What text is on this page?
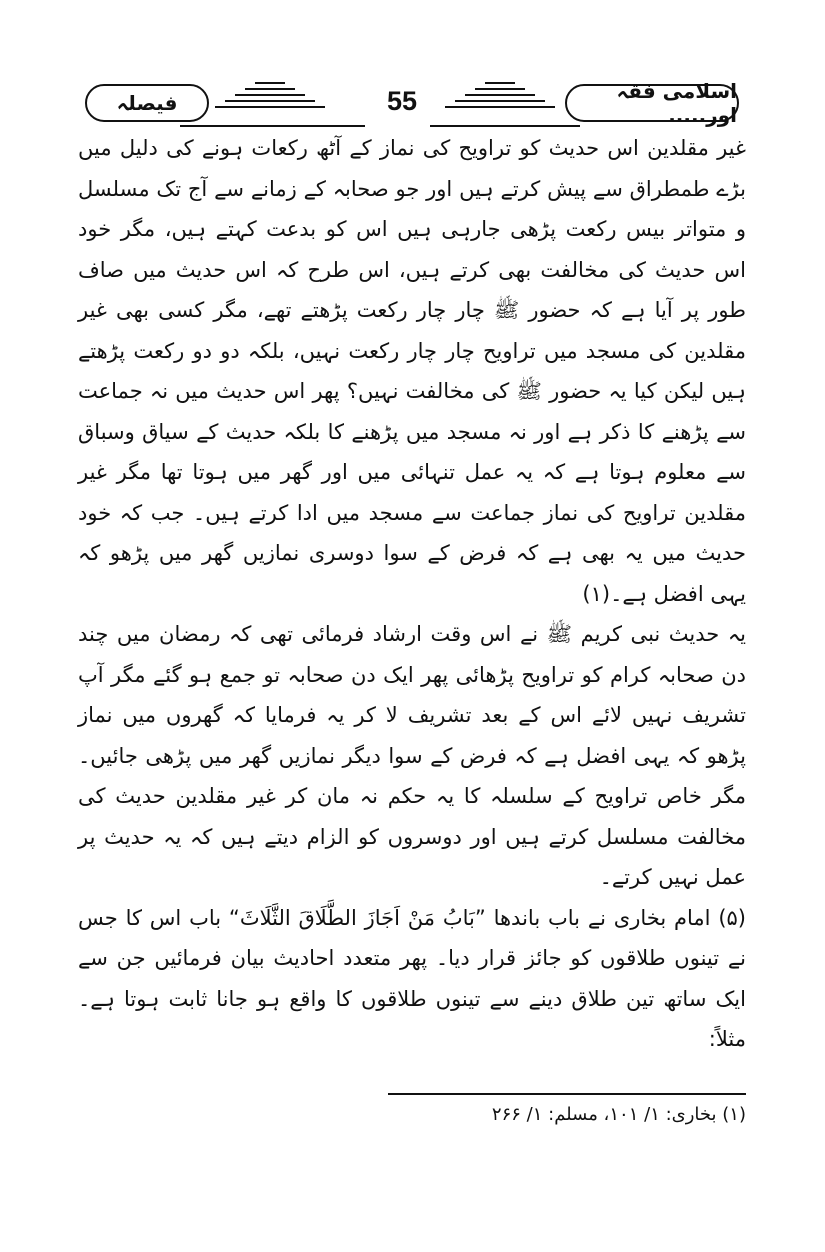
فیصلہ	55	اسلامی فقہ اور.....

غیر مقلدین اس حدیث کو تراویح کی نماز کے آٹھ رکعات ہونے کی دلیل میں بڑے طمطراق سے پیش کرتے ہیں اور جو صحابہ کے زمانے سے آج تک مسلسل و متواتر بیس رکعت پڑھی جارہی ہیں اس کو بدعت کہتے ہیں، مگر خود اس حدیث کی مخالفت بھی کرتے ہیں، اس طرح کہ اس حدیث میں صاف طور پر آیا ہے کہ حضور ﷺ چار چار رکعت پڑھتے تھے، مگر کسی بھی غیر مقلدین کی مسجد میں تراویح چار چار رکعت نہیں، بلکہ دو دو رکعت پڑھتے ہیں لیکن کیا یہ حضور ﷺ کی مخالفت نہیں؟ پھر اس حدیث میں نہ جماعت سے پڑھنے کا ذکر ہے اور نہ مسجد میں پڑھنے کا بلکہ حدیث کے سیاق وسباق سے معلوم ہوتا ہے کہ یہ عمل تنہائی میں اور گھر میں ہوتا تھا مگر غیر مقلدین تراویح کی نماز جماعت سے مسجد میں ادا کرتے ہیں۔ جب کہ خود حدیث میں یہ بھی ہے کہ فرض کے سوا دوسری نمازیں گھر میں پڑھو کہ یہی افضل ہے۔(۱)

یہ حدیث نبی کریم ﷺ نے اس وقت ارشاد فرمائی تھی کہ رمضان میں چند دن صحابہ کرام کو تراویح پڑھائی پھر ایک دن صحابہ تو جمع ہو گئے مگر آپ تشریف نہیں لائے اس کے بعد تشریف لا کر یہ فرمایا کہ گھروں میں نماز پڑھو کہ یہی افضل ہے کہ فرض کے سوا دیگر نمازیں گھر میں پڑھی جائیں۔ مگر خاص تراویح کے سلسلہ کا یہ حکم نہ مان کر غیر مقلدین حدیث کی مخالفت مسلسل کرتے ہیں اور دوسروں کو الزام دیتے ہیں کہ یہ حدیث پر عمل نہیں کرتے۔

(۵) امام بخاری نے باب باندھا ”بَابُ مَنْ اَجَازَ الطَّلَاقَ الثَّلَاثَ“ باب اس کا جس نے تینوں طلاقوں کو جائز قرار دیا۔ پھر متعدد احادیث بیان فرمائیں جن سے ایک ساتھ تین طلاق دینے سے تینوں طلاقوں کا واقع ہو جانا ثابت ہوتا ہے۔ مثلاً:

(۱) بخاری: ۱/ ۱۰۱، مسلم: ۱/ ۲۶۶
